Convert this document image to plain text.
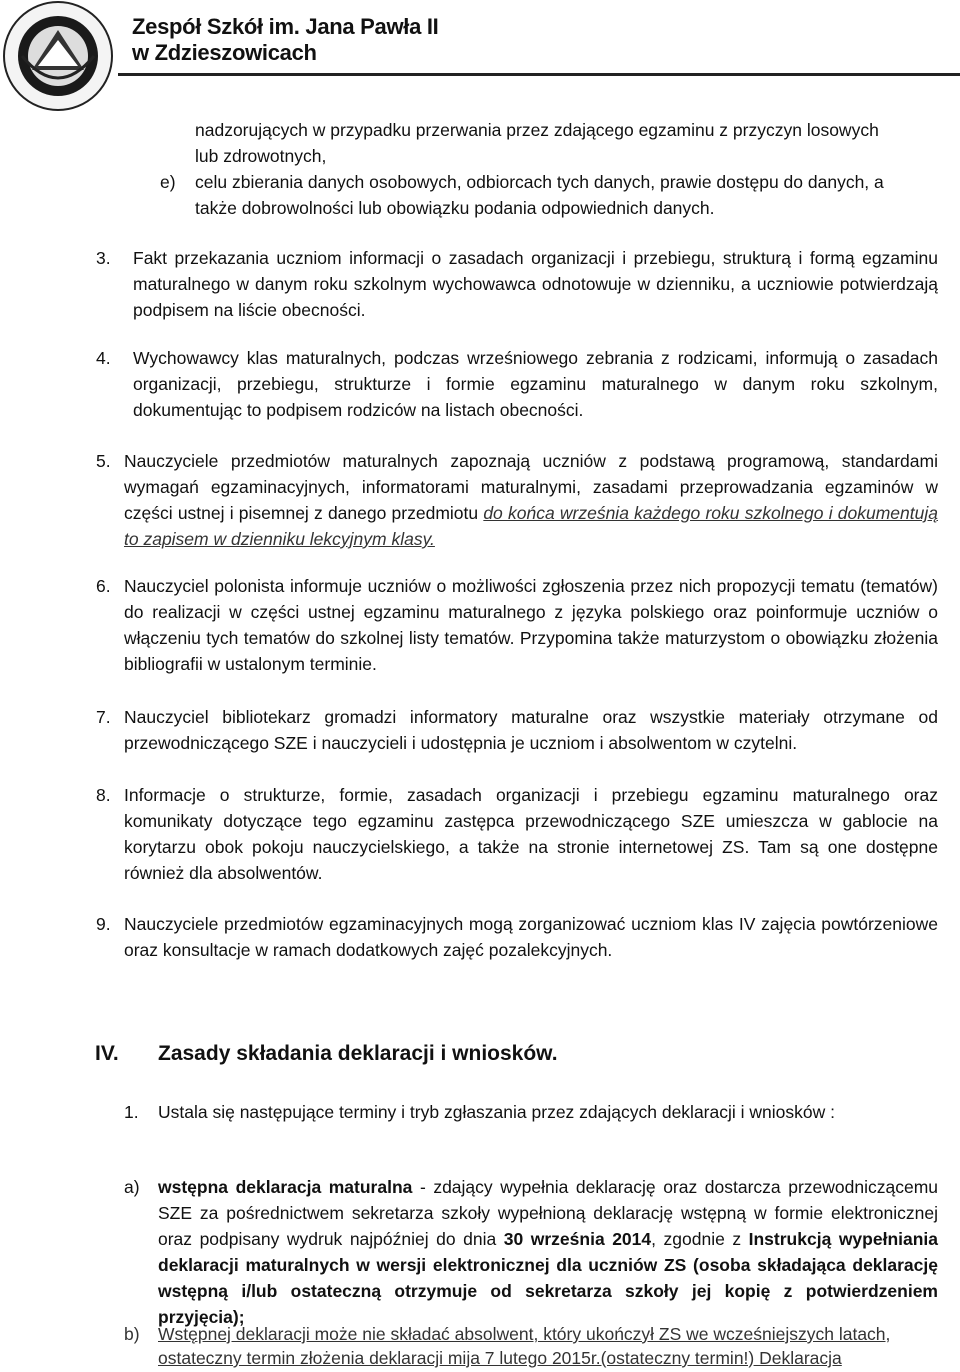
Zespół Szkół im. Jana Pawła II
w Zdzieszowicach
nadzorujących w przypadku przerwania przez zdającego egzaminu z przyczyn losowych
lub zdrowotnych,
e) celu zbierania danych osobowych, odbiorcach tych danych, prawie dostępu do danych, a
także dobrowolności lub obowiązku podania odpowiednich danych.
3. Fakt przekazania uczniom informacji o zasadach organizacji i przebiegu, strukturą i formą egzaminu maturalnego w danym roku szkolnym wychowawca odnotowuje w dzienniku, a uczniowie potwierdzają podpisem na liście obecności.
4. Wychowawcy klas maturalnych, podczas wrześniowego zebrania z rodzicami, informują o zasadach organizacji, przebiegu, strukturze i formie egzaminu maturalnego w danym roku szkolnym, dokumentując to podpisem rodziców na listach obecności.
5. Nauczyciele przedmiotów maturalnych zapoznają uczniów z podstawą programową, standardami wymagań egzaminacyjnych, informatorami maturalnymi, zasadami przeprowadzania egzaminów w części ustnej i pisemnej z danego przedmiotu do końca września każdego roku szkolnego i dokumentują to zapisem w dzienniku lekcyjnym klasy.
6. Nauczyciel polonista informuje uczniów o możliwości zgłoszenia przez nich propozycji tematu (tematów) do realizacji w części ustnej egzaminu maturalnego z języka polskiego oraz poinformuje uczniów o włączeniu tych tematów do szkolnej listy tematów. Przypomina także maturzystom o obowiązku złożenia bibliografii w ustalonym terminie.
7. Nauczyciel bibliotekarz gromadzi informatory maturalne oraz wszystkie materiały otrzymane od przewodniczącego SZE i nauczycieli i udostępnia je uczniom i absolwentom w czytelni.
8. Informacje o strukturze, formie, zasadach organizacji i przebiegu egzaminu maturalnego oraz komunikaty dotyczące tego egzaminu zastępca przewodniczącego SZE umieszcza w gablocie na korytarzu obok pokoju nauczycielskiego, a także na stronie internetowej ZS. Tam są one dostępne również dla absolwentów.
9. Nauczyciele przedmiotów egzaminacyjnych mogą zorganizować uczniom klas IV zajęcia powtórzeniowe oraz konsultacje w ramach dodatkowych zajęć pozalekcyjnych.
IV. Zasady składania deklaracji i wniosków.
1. Ustala się następujące terminy i tryb zgłaszania przez zdających deklaracji i wniosków :
a) wstępna deklaracja maturalna - zdający wypełnia deklarację oraz dostarcza przewodniczącemu SZE za pośrednictwem sekretarza szkoły wypełnioną deklarację wstępną w formie elektronicznej oraz podpisany wydruk najpóźniej do dnia 30 września 2014, zgodnie z Instrukcją wypełniania deklaracji maturalnych w wersji elektronicznej dla uczniów ZS (osoba składająca deklarację wstępną i/lub ostateczną otrzymuje od sekretarza szkoły jej kopię z potwierdzeniem przyjęcia);
b) Wstępnej deklaracji może nie składać absolwent, który ukończył ZS we wcześniejszych latach,
ostateczny termin złożenia deklaracji mija 7 lutego 2015r.(ostateczny termin!) Deklaracja
